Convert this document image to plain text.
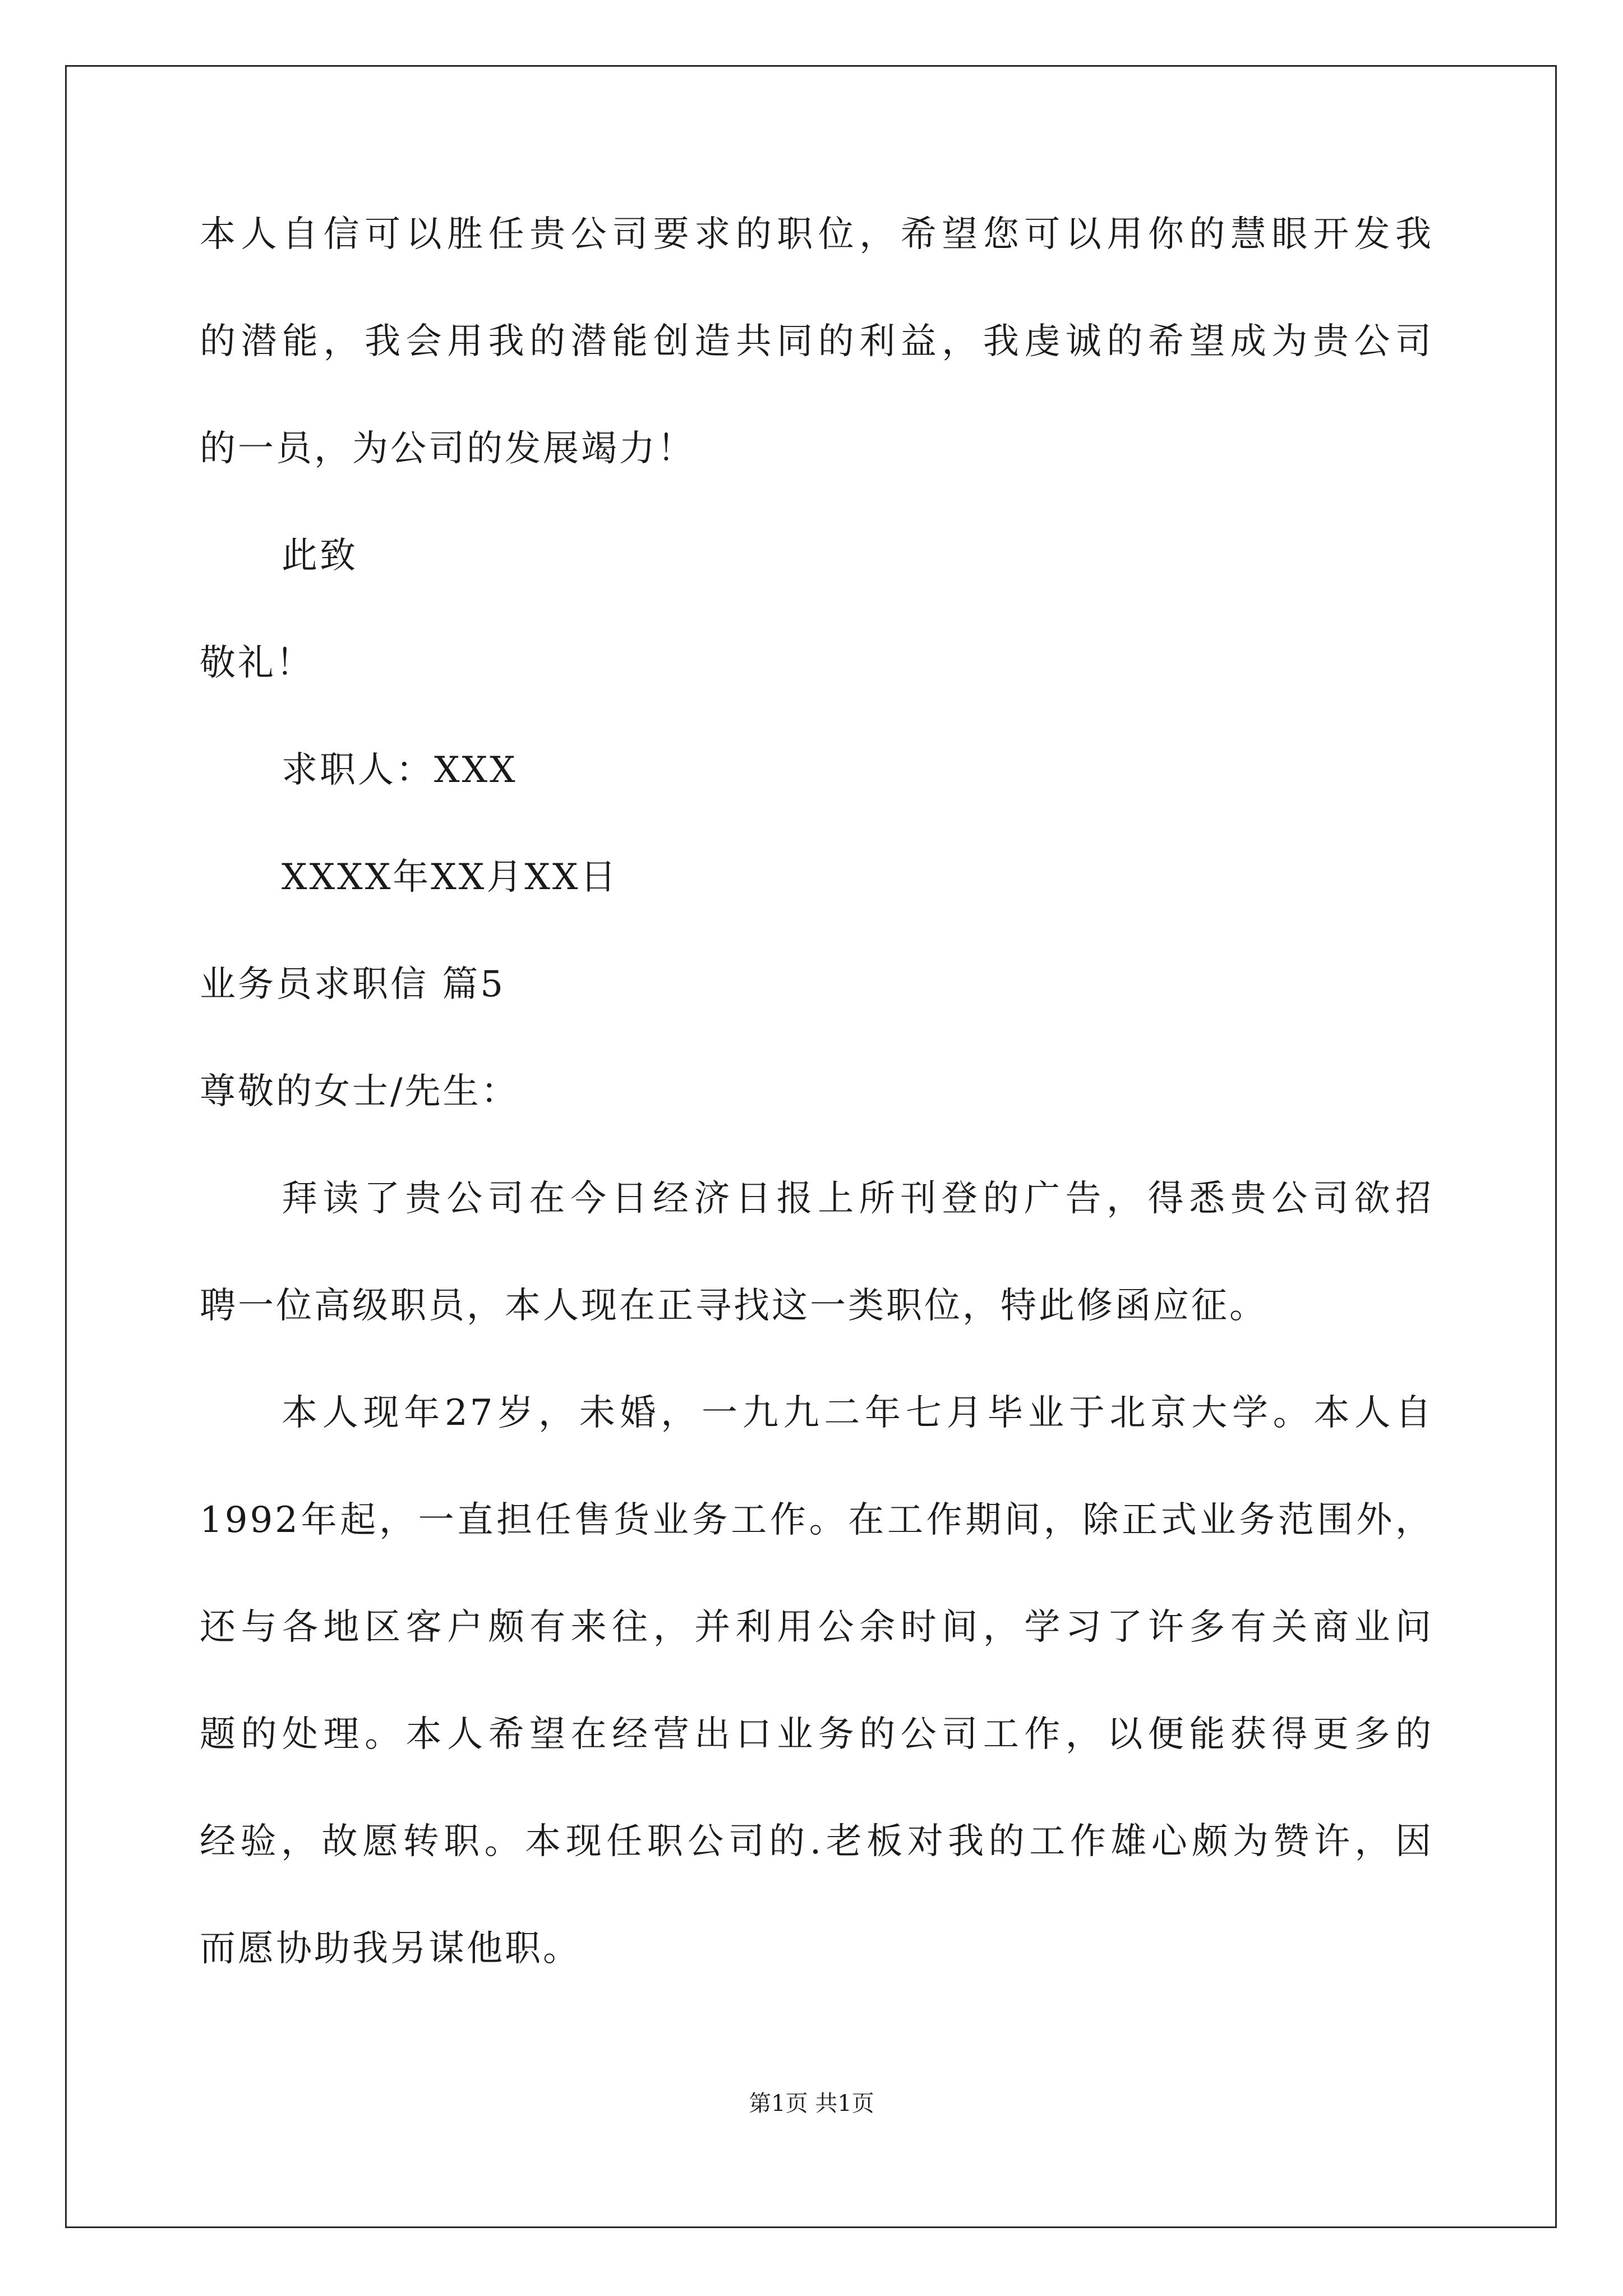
本人自信可以胜任贵公司要求的职位，希望您可以用你的慧眼开发我
的潜能，我会用我的潜能创造共同的利益，我虔诚的希望成为贵公司
的一员，为公司的发展竭力！
此致
敬礼！
求职人：XXX
XXXX年XX月XX日
业务员求职信 篇5
尊敬的女士/先生：
拜读了贵公司在今日经济日报上所刊登的广告，得悉贵公司欲招
聘一位高级职员，本人现在正寻找这一类职位，特此修函应征。
本人现年27岁，未婚，一九九二年七月毕业于北京大学。本人自
1992年起，一直担任售货业务工作。在工作期间，除正式业务范围外，
还与各地区客户颇有来往，并利用公余时间，学习了许多有关商业问
题的处理。本人希望在经营出口业务的公司工作，以便能获得更多的
经验，故愿转职。本现任职公司的.老板对我的工作雄心颇为赞许，因
而愿协助我另谋他职。
第1页 共1页
